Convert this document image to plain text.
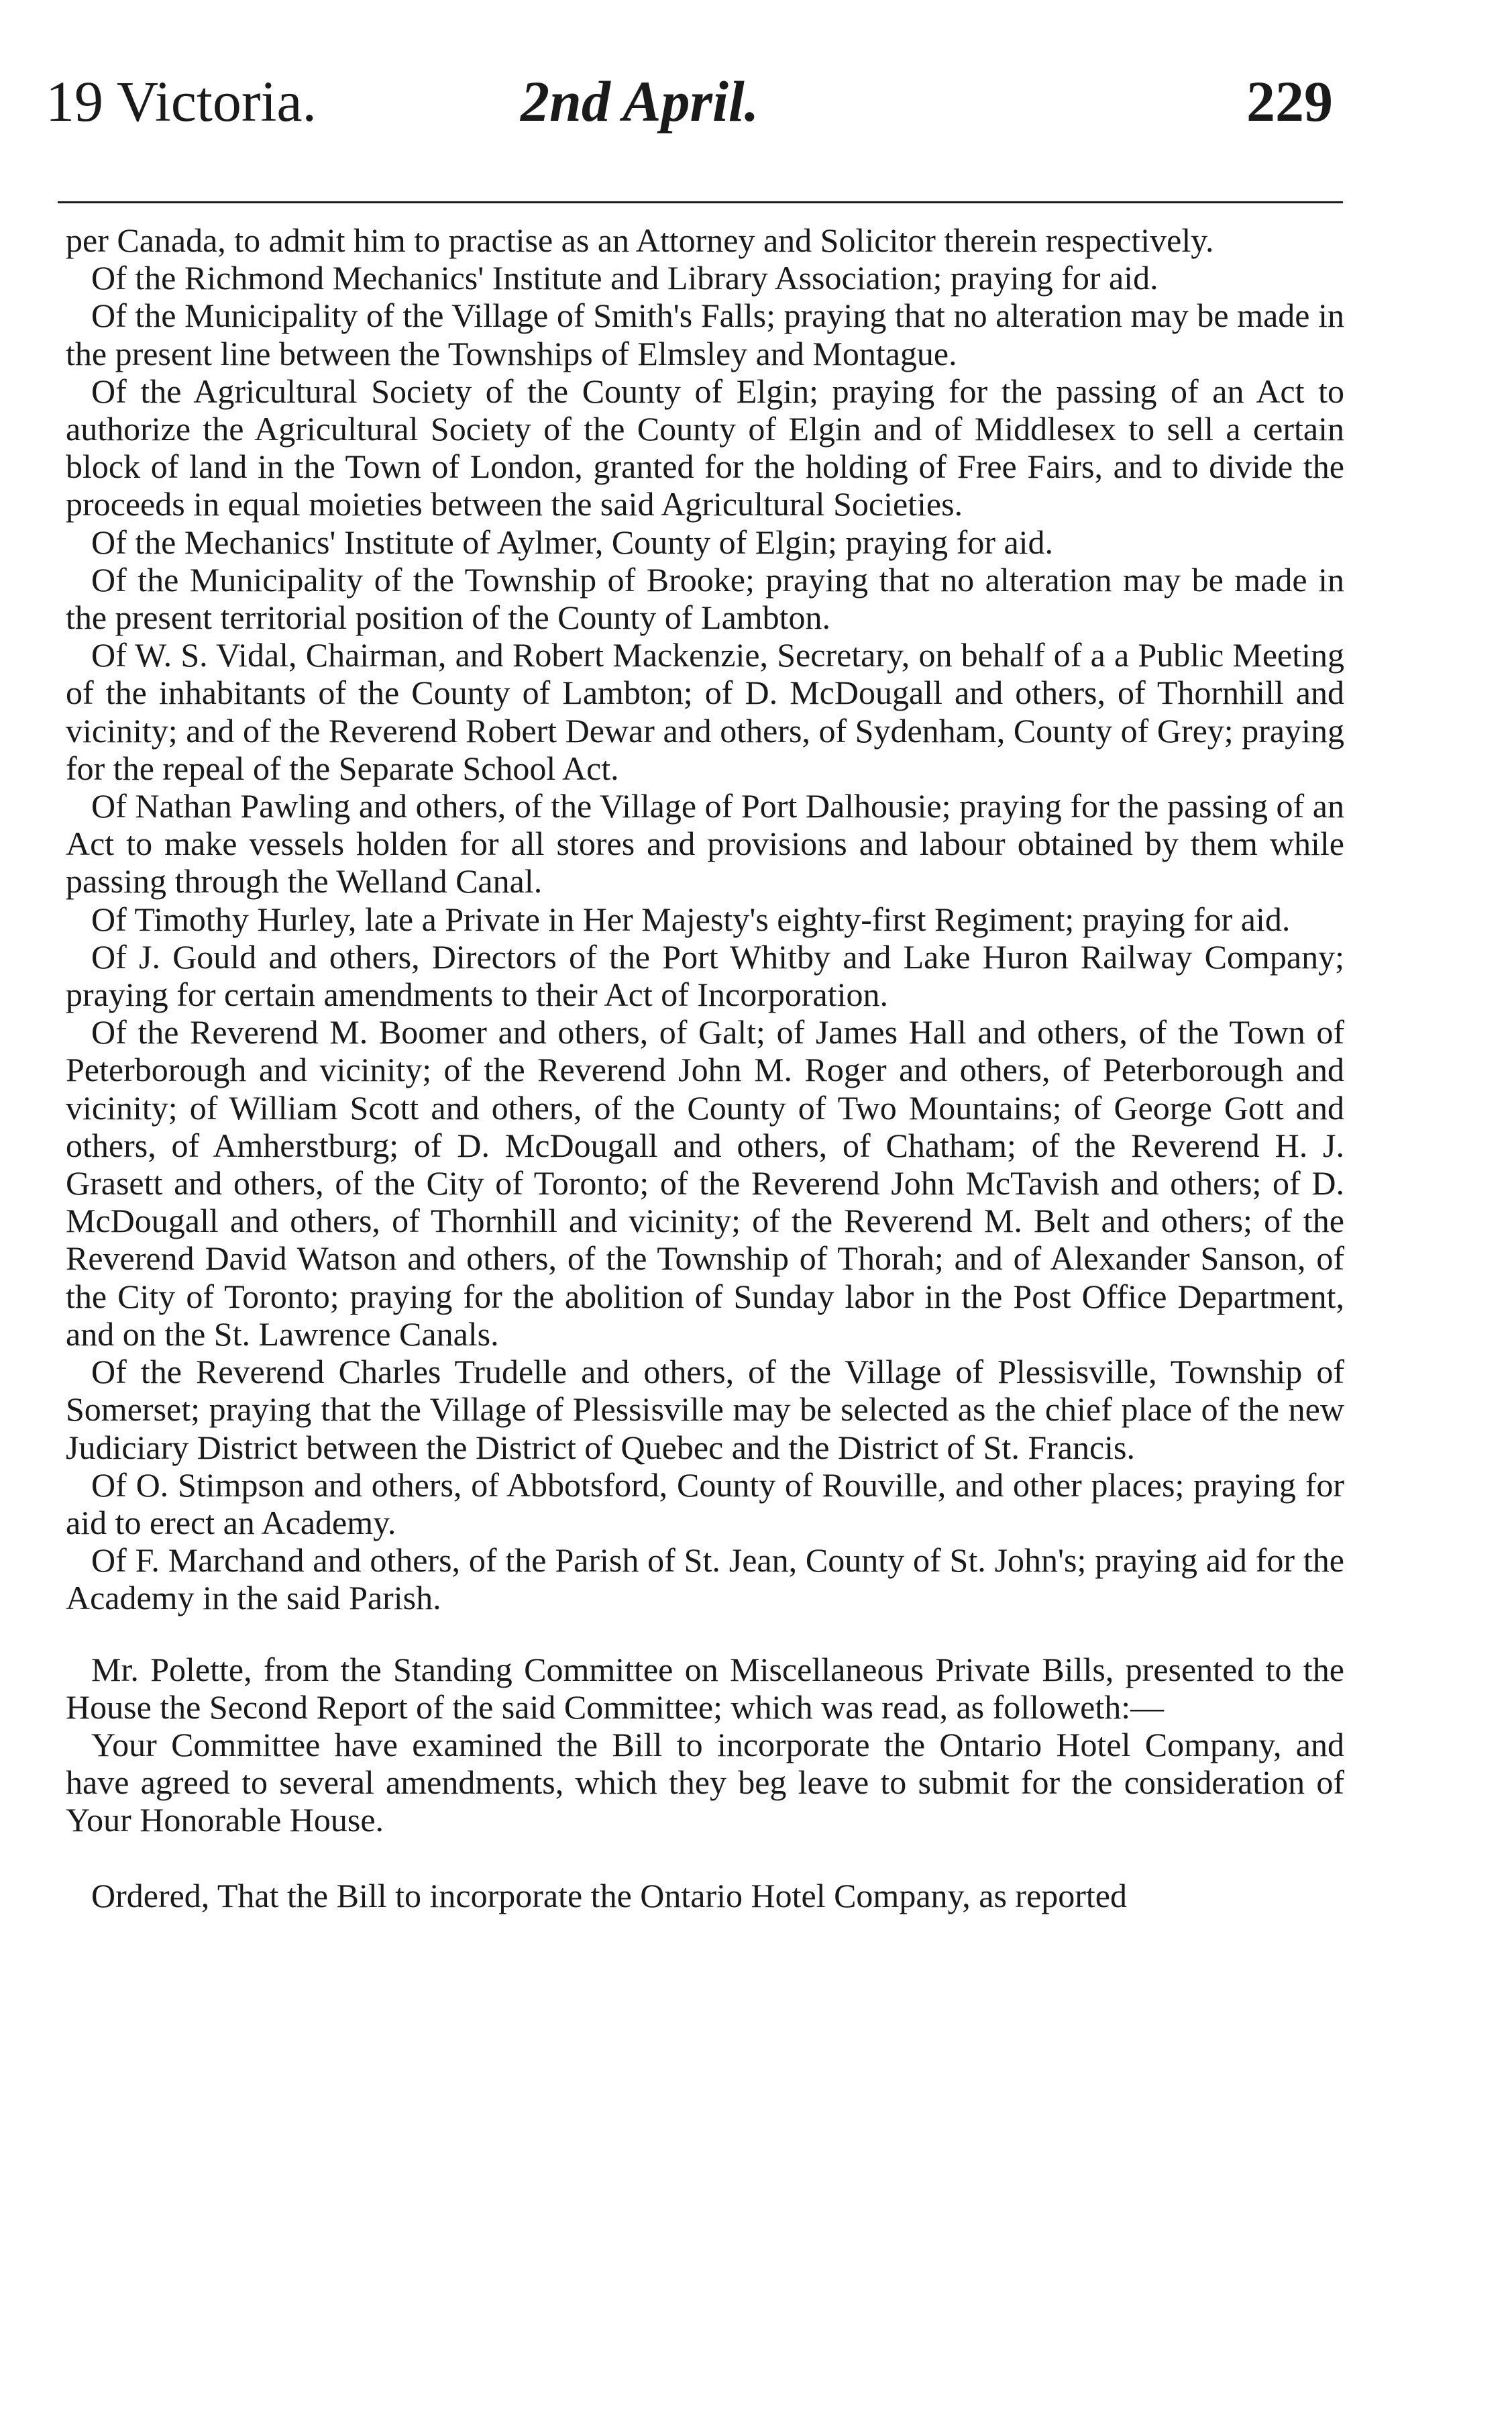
19 Victoria.	2nd April.	229

per Canada, to admit him to practise as an Attorney and Solicitor therein respectively.

Of the Richmond Mechanics' Institute and Library Association; praying for aid.

Of the Municipality of the Village of Smith's Falls; praying that no alteration may be made in the present line between the Townships of Elmsley and Montague.

Of the Agricultural Society of the County of Elgin; praying for the passing of an Act to authorize the Agricultural Society of the County of Elgin and of Middlesex to sell a certain block of land in the Town of London, granted for the holding of Free Fairs, and to divide the proceeds in equal moieties between the said Agricultural Societies.

Of the Mechanics' Institute of Aylmer, County of Elgin; praying for aid.

Of the Municipality of the Township of Brooke; praying that no alteration may be made in the present territorial position of the County of Lambton.

Of W. S. Vidal, Chairman, and Robert Mackenzie, Secretary, on behalf of a a Public Meeting of the inhabitants of the County of Lambton; of D. McDougall and others, of Thornhill and vicinity; and of the Reverend Robert Dewar and others, of Sydenham, County of Grey; praying for the repeal of the Separate School Act.

Of Nathan Pawling and others, of the Village of Port Dalhousie; praying for the passing of an Act to make vessels holden for all stores and provisions and labour obtained by them while passing through the Welland Canal.

Of Timothy Hurley, late a Private in Her Majesty's eighty-first Regiment; praying for aid.

Of J. Gould and others, Directors of the Port Whitby and Lake Huron Railway Company; praying for certain amendments to their Act of Incorporation.

Of the Reverend M. Boomer and others, of Galt; of James Hall and others, of the Town of Peterborough and vicinity; of the Reverend John M. Roger and others, of Peterborough and vicinity; of William Scott and others, of the County of Two Mountains; of George Gott and others, of Amherstburg; of D. McDougall and others, of Chatham; of the Reverend H. J. Grasett and others, of the City of Toronto; of the Reverend John McTavish and others; of D. McDougall and others, of Thornhill and vicinity; of the Reverend M. Belt and others; of the Reverend David Watson and others, of the Township of Thorah; and of Alexander Sanson, of the City of Toronto; praying for the abolition of Sunday labor in the Post Office Department, and on the St. Lawrence Canals.

Of the Reverend Charles Trudelle and others, of the Village of Plessisville, Township of Somerset; praying that the Village of Plessisville may be selected as the chief place of the new Judiciary District between the District of Quebec and the District of St. Francis.

Of O. Stimpson and others, of Abbotsford, County of Rouville, and other places; praying for aid to erect an Academy.

Of F. Marchand and others, of the Parish of St. Jean, County of St. John's; praying aid for the Academy in the said Parish.

Mr. Polette, from the Standing Committee on Miscellaneous Private Bills, presented to the House the Second Report of the said Committee; which was read, as followeth:—

Your Committee have examined the Bill to incorporate the Ontario Hotel Company, and have agreed to several amendments, which they beg leave to submit for the consideration of Your Honorable House.

Ordered, That the Bill to incorporate the Ontario Hotel Company, as reported
